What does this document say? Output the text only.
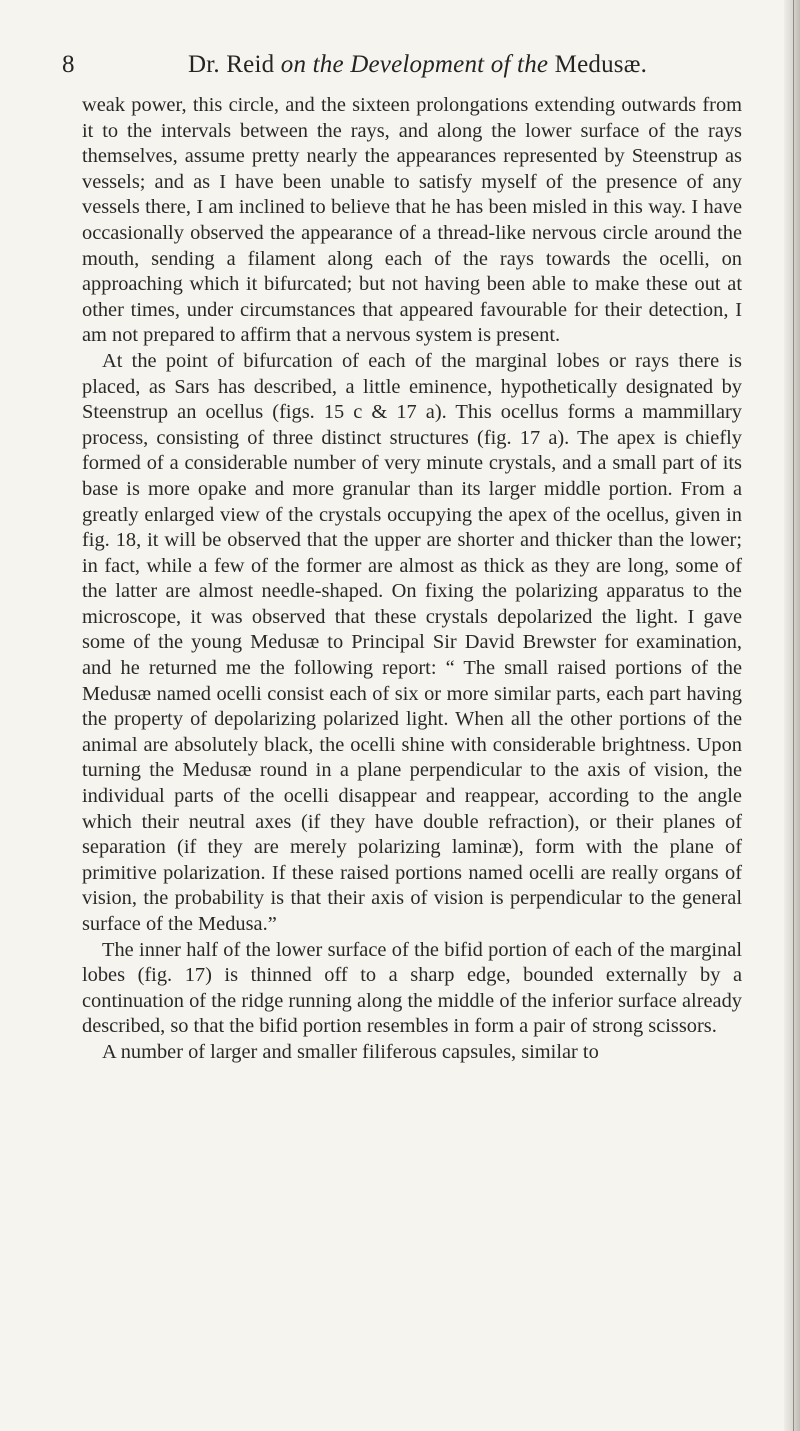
8	Dr. Reid on the Development of the Medusæ.

weak power, this circle, and the sixteen prolongations extending outwards from it to the intervals between the rays, and along the lower surface of the rays themselves, assume pretty nearly the appearances represented by Steenstrup as vessels; and as I have been unable to satisfy myself of the presence of any vessels there, I am inclined to believe that he has been misled in this way. I have occasionally observed the appearance of a thread-like nervous circle around the mouth, sending a filament along each of the rays towards the ocelli, on approaching which it bifurcated; but not having been able to make these out at other times, under circumstances that appeared favourable for their detection, I am not prepared to affirm that a nervous system is present.

At the point of bifurcation of each of the marginal lobes or rays there is placed, as Sars has described, a little eminence, hypothetically designated by Steenstrup an ocellus (figs. 15 c & 17 a). This ocellus forms a mammillary process, consisting of three distinct structures (fig. 17 a). The apex is chiefly formed of a considerable number of very minute crystals, and a small part of its base is more opake and more granular than its larger middle portion. From a greatly enlarged view of the crystals occupying the apex of the ocellus, given in fig. 18, it will be observed that the upper are shorter and thicker than the lower; in fact, while a few of the former are almost as thick as they are long, some of the latter are almost needle-shaped. On fixing the polarizing apparatus to the microscope, it was observed that these crystals depolarized the light. I gave some of the young Medusæ to Principal Sir David Brewster for examination, and he returned me the following report: “ The small raised portions of the Medusæ named ocelli consist each of six or more similar parts, each part having the property of depolarizing polarized light. When all the other portions of the animal are absolutely black, the ocelli shine with considerable brightness. Upon turning the Medusæ round in a plane perpendicular to the axis of vision, the individual parts of the ocelli disappear and reappear, according to the angle which their neutral axes (if they have double refraction), or their planes of separation (if they are merely polarizing laminæ), form with the plane of primitive polarization. If these raised portions named ocelli are really organs of vision, the probability is that their axis of vision is perpendicular to the general surface of the Medusa.”

The inner half of the lower surface of the bifid portion of each of the marginal lobes (fig. 17) is thinned off to a sharp edge, bounded externally by a continuation of the ridge running along the middle of the inferior surface already described, so that the bifid portion resembles in form a pair of strong scissors.

A number of larger and smaller filiferous capsules, similar to
